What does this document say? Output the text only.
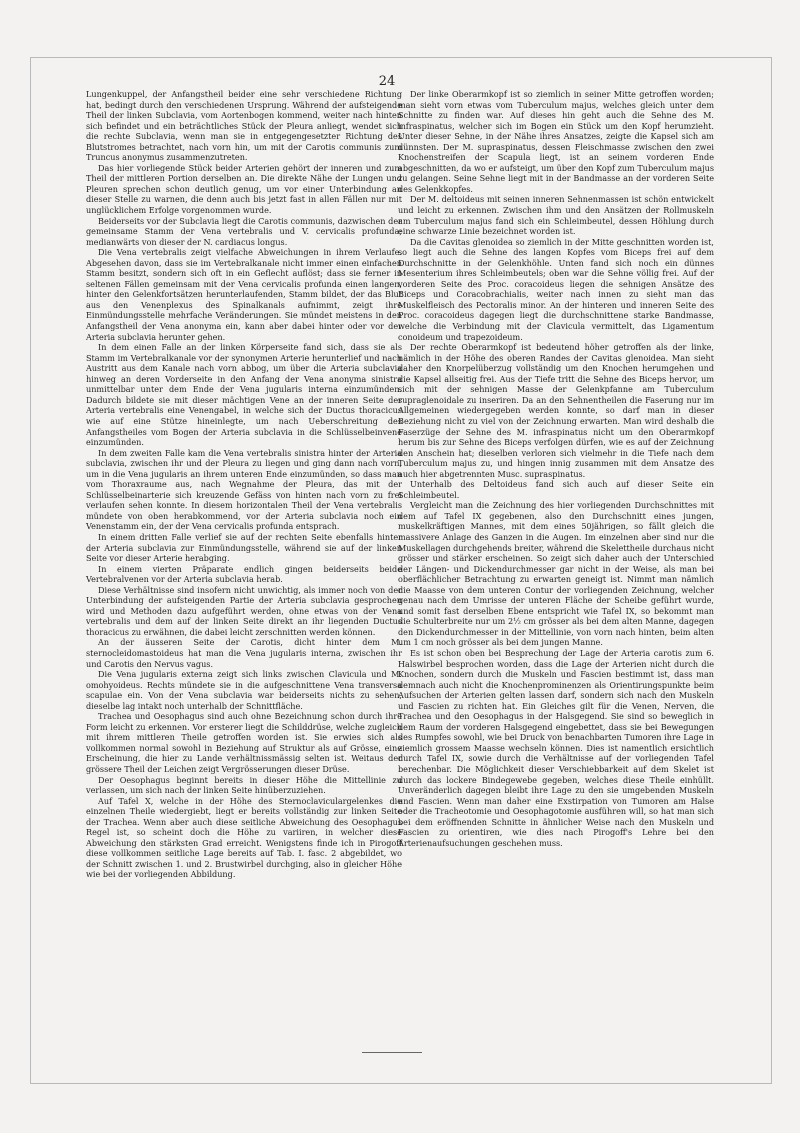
24

Lungenkuppel, der Anfangstheil beider eine sehr verschiedene Richtung hat, bedingt durch den verschiedenen Ursprung. Während der aufsteigende Theil der linken Subclavia, vom Aortenbogen kommend, weiter nach hinten sich befindet und ein beträchtliches Stück der Pleura anliegt, wendet sich die rechte Subclavia, wenn man sie in entgegengesetzter Richtung des Blutstromes betrachtet, nach vorn hin, um mit der Carotis communis zum Truncus anonymus zusammenzutreten.

Das hier vorliegende Stück beider Arterien gehört der inneren und zum Theil der mittleren Portion derselben an. Die direkte Nähe der Lungen und Pleuren sprechen schon deutlich genug, um vor einer Unterbindung an dieser Stelle zu warnen, die denn auch bis jetzt fast in allen Fällen nur mit unglücklichem Erfolge vorgenommen wurde.

Beiderseits vor der Subclavia liegt die Carotis communis, dazwischen der gemeinsame Stamm der Vena vertebralis und V. cervicalis profunda; medianwärts von dieser der N. cardiacus longus.

Die Vena vertebralis zeigt vielfache Abweichungen in ihrem Verlaufe. Abgesehen davon, dass sie im Vertebralkanale nicht immer einen einfachen Stamm besitzt, sondern sich oft in ein Geflecht auflöst; dass sie ferner in seltenen Fällen gemeinsam mit der Vena cervicalis profunda einen langen, hinter den Gelenkfortsätzen herunterlaufenden, Stamm bildet, der das Blut aus den Venenplexus des Spinalkanals aufnimmt, zeigt ihre Einmündungsstelle mehrfache Veränderungen. Sie mündet meistens in den Anfangstheil der Vena anonyma ein, kann aber dabei hinter oder vor der Arteria subclavia herunter gehen.

In dem einen Falle an der linken Körperseite fand sich, dass sie als Stamm im Vertebralkanale vor der synonymen Arterie herunterlief und nach Austritt aus dem Kanale nach vorn abbog, um über die Arteria subclavia hinweg an deren Vorderseite in den Anfang der Vena anonyma sinistra unmittelbar unter dem Ende der Vena jugularis interna einzumünden. Dadurch bildete sie mit dieser mächtigen Vene an der inneren Seite der Arteria vertebralis eine Venengabel, in welche sich der Ductus thoracicus wie auf eine Stütze hineinlegte, um nach Ueberschreitung des Anfangstheiles vom Bogen der Arteria subclavia in die Schlüsselbeinvene einzumünden.

In dem zweiten Falle kam die Vena vertebralis sinistra hinter der Arteria subclavia, zwischen ihr und der Pleura zu liegen und ging dann nach vorn, um in die Vena jugularis an ihrem unteren Ende einzumünden, so dass man vom Thoraxraume aus, nach Wegnahme der Pleura, das mit der Schlüsselbeinarterie sich kreuzende Gefäss von hinten nach vorn zu frei verlaufen sehen konnte. In diesem horizontalen Theil der Vena vertebralis mündete von oben herabkommend, vor der Arteria subclavia noch ein Venenstamm ein, der der Vena cervicalis profunda entsprach.

In einem dritten Falle verlief sie auf der rechten Seite ebenfalls hinter der Arteria subclavia zur Einmündungsstelle, während sie auf der linken Seite vor dieser Arterie herabging.

In einem vierten Präparate endlich gingen beiderseits beide Vertebralvenen vor der Arteria subclavia herab.

Diese Verhältnisse sind insofern nicht unwichtig, als immer noch von der Unterbindung der aufsteigenden Partie der Arteria subclavia gesprochen wird und Methoden dazu aufgeführt werden, ohne etwas von der Vena vertebralis und dem auf der linken Seite direkt an ihr liegenden Ductus thoracicus zu erwähnen, die dabei leicht zerschnitten werden können.

An der äusseren Seite der Carotis, dicht hinter dem M. sternocleidomastoideus hat man die Vena jugularis interna, zwischen ihr und Carotis den Nervus vagus.

Die Vena jugularis externa zeigt sich links zwischen Clavicula und M. omohyoideus. Rechts mündete sie in die aufgeschnittene Vena transversa scapulae ein. Von der Vena subclavia war beiderseits nichts zu sehen, dieselbe lag intakt noch unterhalb der Schnittfläche.

Trachea und Oesophagus sind auch ohne Bezeichnung schon durch ihre Form leicht zu erkennen. Vor ersterer liegt die Schilddrüse, welche zugleich mit ihrem mittleren Theile getroffen worden ist. Sie erwies sich als vollkommen normal sowohl in Beziehung auf Struktur als auf Grösse, eine Erscheinung, die hier zu Lande verhältnissmässig selten ist. Weitaus der grössere Theil der Leichen zeigt Vergrösserungen dieser Drüse.

Der Oesophagus beginnt bereits in dieser Höhe die Mittellinie zu verlassen, um sich nach der linken Seite hinüberzuziehen.

Auf Tafel X, welche in der Höhe des Sternoclaviculargelenkes die einzelnen Theile wiedergiebt, liegt er bereits vollständig zur linken Seite der Trachea. Wenn aber auch diese seitliche Abweichung des Oesophagus Regel ist, so scheint doch die Höhe zu variiren, in welcher diese Abweichung den stärksten Grad erreicht. Wenigstens finde ich in Pirogoff diese vollkommen seitliche Lage bereits auf Tab. I. fasc. 2 abgebildet, wo der Schnitt zwischen 1. und 2. Brustwirbel durchging, also in gleicher Höhe wie bei der vorliegenden Abbildung.

Der linke Oberarmkopf ist so ziemlich in seiner Mitte getroffen worden; man sieht vorn etwas vom Tuberculum majus, welches gleich unter dem Schnitte zu finden war. Auf dieses hin geht auch die Sehne des M. infraspinatus, welcher sich im Bogen ein Stück um den Kopf herumzieht. Unter dieser Sehne, in der Nähe ihres Ansatzes, zeigte die Kapsel sich am dünnsten. Der M. supraspinatus, dessen Fleischmasse zwischen den zwei Knochenstreifen der Scapula liegt, ist an seinem vorderen Ende abgeschnitten, da wo er aufsteigt, um über den Kopf zum Tuberculum majus zu gelangen. Seine Sehne liegt mit in der Bandmasse an der vorderen Seite des Gelenkkopfes.

Der M. deltoideus mit seinen inneren Sehnenmassen ist schön entwickelt und leicht zu erkennen. Zwischen ihm und den Ansätzen der Rollmuskeln am Tuberculum majus fand sich ein Schleimbeutel, dessen Höhlung durch eine schwarze Linie bezeichnet worden ist.

Da die Cavitas glenoidea so ziemlich in der Mitte geschnitten worden ist, so liegt auch die Sehne des langen Kopfes vom Biceps frei auf dem Durchschnitte in der Gelenkhöhle. Unten fand sich noch ein dünnes Mesenterium ihres Schleimbeutels; oben war die Sehne völlig frei. Auf der vorderen Seite des Proc. coracoideus liegen die sehnigen Ansätze des Biceps und Coracobrachialis, weiter nach innen zu sieht man das Muskelfleisch des Pectoralis minor. An der hinteren und inneren Seite des Proc. coracoideus dagegen liegt die durchschnittene starke Bandmasse, welche die Verbindung mit der Clavicula vermittelt, das Ligamentum conoideum und trapezoideum.

Der rechte Oberarmkopf ist bedeutend höher getroffen als der linke, nämlich in der Höhe des oberen Randes der Cavitas glenoidea. Man sieht daher den Knorpelüberzug vollständig um den Knochen herumgehen und die Kapsel allseitig frei. Aus der Tiefe tritt die Sehne des Biceps hervor, um sich mit der sehnigen Masse der Gelenkpfanne am Tuberculum supraglenoidale zu inseriren. Da an den Sehnentheilen die Faserung nur im Allgemeinen wiedergegeben werden konnte, so darf man in dieser Beziehung nicht zu viel von der Zeichnung erwarten. Man wird deshalb die Faserzüge der Sehne des M. infraspinatus nicht um den Oberarmkopf herum bis zur Sehne des Biceps verfolgen dürfen, wie es auf der Zeichnung den Anschein hat; dieselben verloren sich vielmehr in die Tiefe nach dem Tuberculum majus zu, und hingen innig zusammen mit dem Ansatze des auch hier abgetrennten Musc. supraspinatus.

Unterhalb des Deltoideus fand sich auch auf dieser Seite ein Schleimbeutel.

Vergleicht man die Zeichnung des hier vorliegenden Durchschnittes mit dem auf Tafel IX gegebenen, also den Durchschnitt eines jungen, muskelkräftigen Mannes, mit dem eines 50jährigen, so fällt gleich die massivere Anlage des Ganzen in die Augen. Im einzelnen aber sind nur die Muskellagen durchgehends breiter, während die Skelettheile durchaus nicht grösser und stärker erscheinen. So zeigt sich daher auch der Unterschied der Längen- und Dickendurchmesser gar nicht in der Weise, als man bei oberflächlicher Betrachtung zu erwarten geneigt ist. Nimmt man nämlich die Maasse von dem unteren Contur der vorliegenden Zeichnung, welcher genau nach dem Umrisse der unteren Fläche der Scheibe geführt wurde, und somit fast derselben Ebene entspricht wie Tafel IX, so bekommt man die Schulterbreite nur um 2½ cm grösser als bei dem alten Manne, dagegen den Dickendurchmesser in der Mittellinie, von vorn nach hinten, beim alten um 1 cm noch grösser als bei dem jungen Manne.

Es ist schon oben bei Besprechung der Lage der Arteria carotis zum 6. Halswirbel besprochen worden, dass die Lage der Arterien nicht durch die Knochen, sondern durch die Muskeln und Fascien bestimmt ist, dass man demnach auch nicht die Knochenprominenzen als Orientirungspunkte beim Aufsuchen der Arterien gelten lassen darf, sondern sich nach den Muskeln und Fascien zu richten hat. Ein Gleiches gilt für die Venen, Nerven, die Trachea und den Oesophagus in der Halsgegend. Sie sind so beweglich in dem Raum der vorderen Halsgegend eingebettet, dass sie bei Bewegungen des Rumpfes sowohl, wie bei Druck von benachbarten Tumoren ihre Lage in ziemlich grossem Maasse wechseln können. Dies ist namentlich ersichtlich durch Tafel IX, sowie durch die Verhältnisse auf der vorliegenden Tafel berechenbar. Die Möglichkeit dieser Verschiebbarkeit auf dem Skelet ist durch das lockere Bindegewebe gegeben, welches diese Theile einhüllt. Unveränderlich dagegen bleibt ihre Lage zu den sie umgebenden Muskeln und Fascien. Wenn man daher eine Exstirpation von Tumoren am Halse oder die Tracheotomie und Oesophagotomie ausführen will, so hat man sich bei dem eröffnenden Schnitte in ähnlicher Weise nach den Muskeln und Fascien zu orientiren, wie dies nach Pirogoff's Lehre bei den Arterienaufsuchungen geschehen muss.
